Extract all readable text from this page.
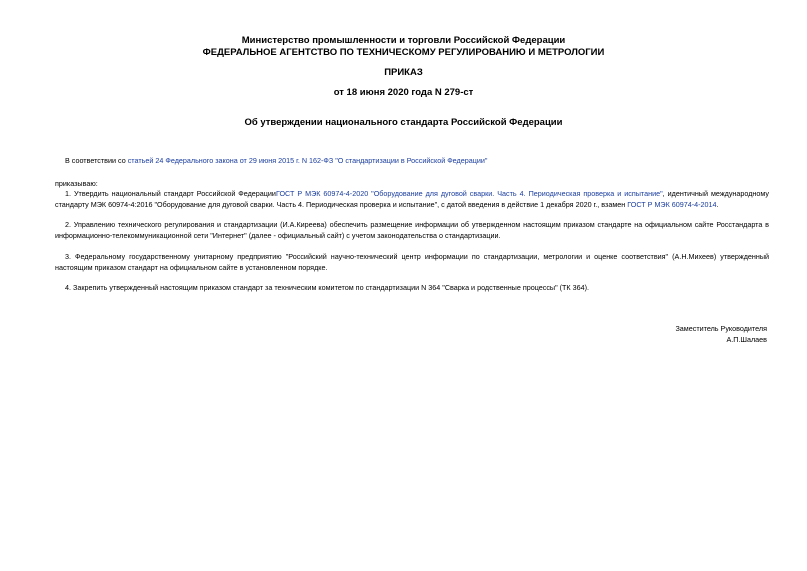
Министерство промышленности и торговли Российской Федерации
ФЕДЕРАЛЬНОЕ АГЕНТСТВО ПО ТЕХНИЧЕСКОМУ РЕГУЛИРОВАНИЮ И МЕТРОЛОГИИ
ПРИКАЗ
от 18 июня 2020 года N 279-ст
Об утверждении национального стандарта Российской Федерации
В соответствии со статьей 24 Федерального закона от 29 июня 2015 г. N 162-ФЗ "О стандартизации в Российской Федерации"
приказываю:
1. Утвердить национальный стандарт Российской ФедерацииГОСТ Р МЭК 60974-4-2020 "Оборудование для дуговой сварки. Часть 4. Периодическая проверка и испытание", идентичный международному стандарту МЭК 60974-4:2016 "Оборудование для дуговой сварки. Часть 4. Периодическая проверка и испытание", с датой введения в действие 1 декабря 2020 г., взамен ГОСТ Р МЭК 60974-4-2014.
2. Управлению технического регулирования и стандартизации (И.А.Киреева) обеспечить размещение информации об утвержденном настоящим приказом стандарте на официальном сайте Росстандарта в информационно-телекоммуникационной сети "Интернет" (далее - официальный сайт) с учетом законодательства о стандартизации.
3. Федеральному государственному унитарному предприятию "Российский научно-технический центр информации по стандартизации, метрологии и оценке соответствия" (А.Н.Михеев) утвержденный настоящим приказом стандарт на официальном сайте в установленном порядке.
4. Закрепить утвержденный настоящим приказом стандарт за техническим комитетом по стандартизации N 364 "Сварка и родственные процессы" (ТК 364).
Заместитель Руководителя
А.П.Шалаев
